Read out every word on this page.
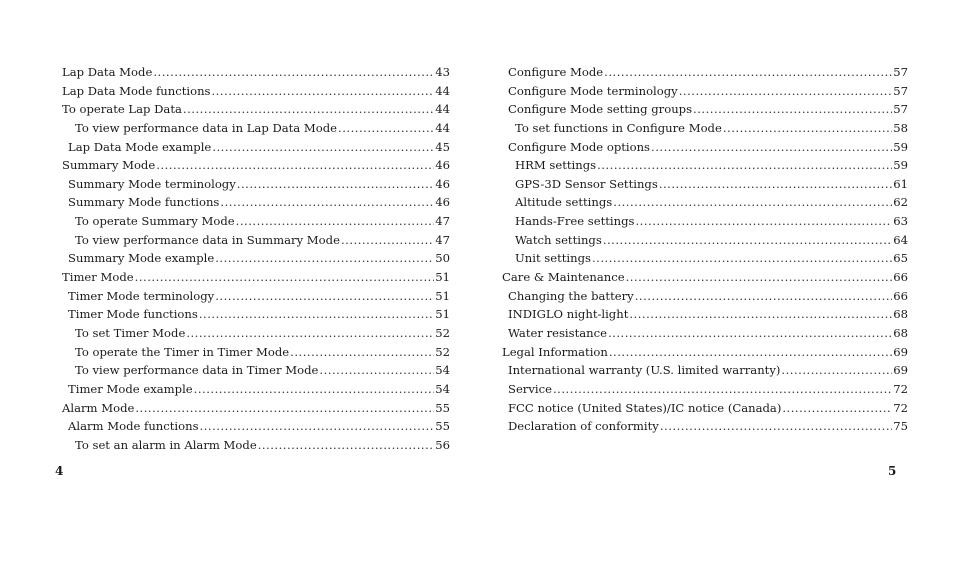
Lap Data Mode .....	43
Lap Data Mode functions .....	44
To operate Lap Data .....	44
To view performance data in Lap Data Mode .....	44
Lap Data Mode example .....	45
Summary Mode .....	46
Summary Mode terminology .....	46
Summary Mode functions .....	46
To operate Summary Mode .....	47
To view performance data in Summary Mode .....	47
Summary Mode example .....	50
Timer Mode .....	51
Timer Mode terminology .....	51
Timer Mode functions .....	51
To set Timer Mode .....	52
To operate the Timer in Timer Mode .....	52
To view performance data in Timer Mode .....	54
Timer Mode example .....	54
Alarm Mode .....	55
Alarm Mode functions .....	55
To set an alarm in Alarm Mode .....	56
4
Configure Mode .....	57
Configure Mode terminology .....	57
Configure Mode setting groups .....	57
To set functions in Configure Mode .....	58
Configure Mode options .....	59
HRM settings .....	59
GPS-3D Sensor Settings .....	61
Altitude settings .....	62
Hands-Free settings .....	63
Watch settings .....	64
Unit settings .....	65
Care & Maintenance .....	66
Changing the battery .....	66
INDIGLO night-light .....	68
Water resistance .....	68
Legal Information .....	69
International warranty (U.S. limited warranty) .....	69
Service .....	72
FCC notice (United States)/IC notice (Canada) .....	72
Declaration of conformity .....	75
5
